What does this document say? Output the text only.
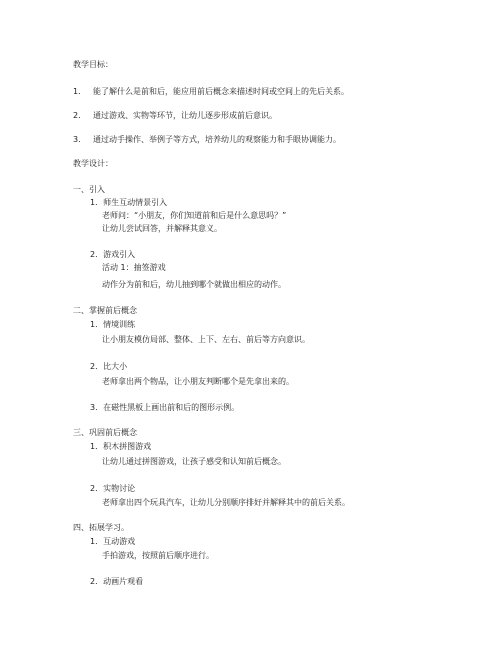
教学目标：
1． 能了解什么是前和后，能应用前后概念来描述时间或空间上的先后关系。
2． 通过游戏、实物等环节，让幼儿逐步形成前后意识。
3． 通过动手操作、举例子等方式，培养幼儿的观察能力和手眼协调能力。
教学设计：
一、引入
1．师生互动情景引入
老师问：“小朋友，你们知道前和后是什么意思吗？”
让幼儿尝试回答，并解释其意义。
2．游戏引入
活动 1：抽签游戏
动作分为前和后，幼儿抽到哪个就做出相应的动作。
二、掌握前后概念
1．情境训练
让小朋友模仿局部、整体、上下、左右、前后等方向意识。
2．比大小
老师拿出两个物品，让小朋友判断哪个是先拿出来的。
3．在磁性黑板上画出前和后的图形示例。
三、巩固前后概念
1．积木拼图游戏
让幼儿通过拼图游戏，让孩子感受和认知前后概念。
2．实物讨论
老师拿出四个玩具汽车，让幼儿分别顺序排好并解释其中的前后关系。
四、拓展学习。
1．互动游戏
手拍游戏，按照前后顺序进行。
2．动画片观看
